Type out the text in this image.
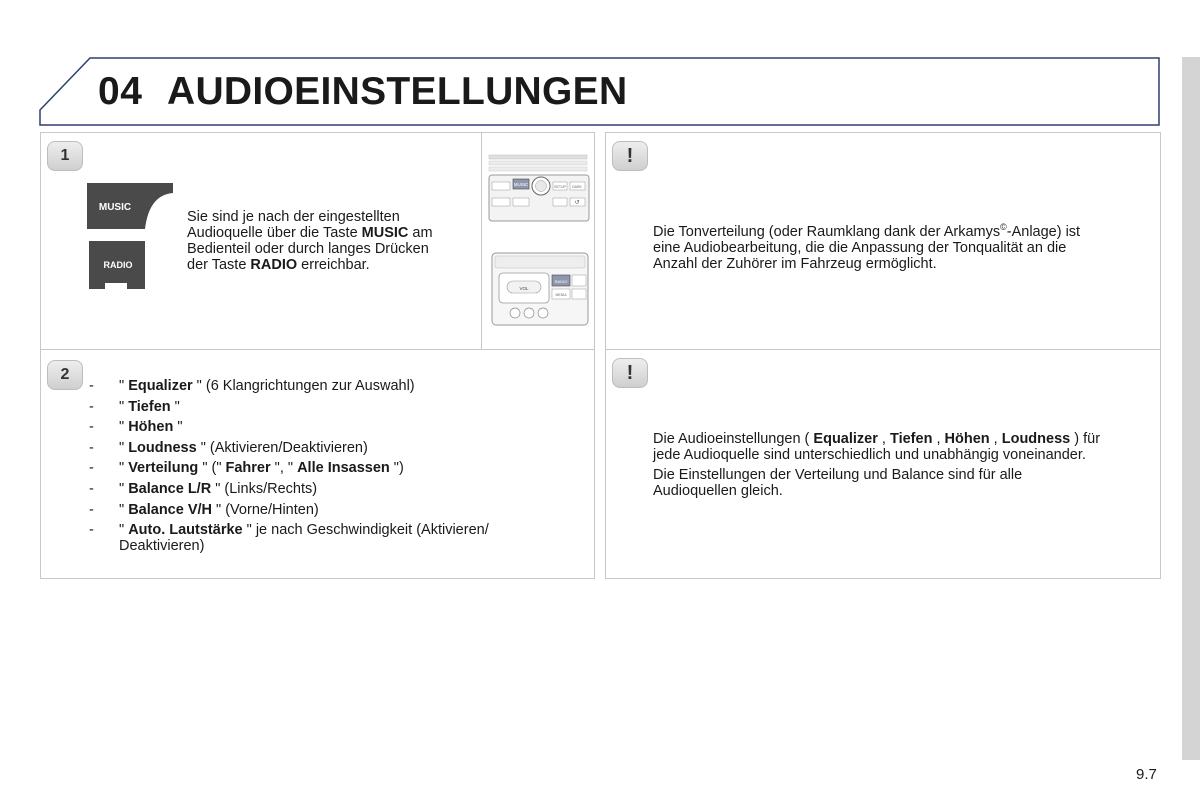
04 AUDIOEINSTELLUNGEN
1
MUSIC
RADIO
Sie sind je nach der eingestellten
Audioquelle über die Taste MUSIC am
Bedienteil oder durch langes Drücken
der Taste RADIO erreichbar.
MUSIC	SETUP DARK
↺
VOL
RADIO
MEDIA
2
- " Equalizer " (6 Klangrichtungen zur Auswahl)
- " Tiefen "
- " Höhen "
- " Loudness " (Aktivieren/Deaktivieren)
- " Verteilung " (" Fahrer ", " Alle Insassen ")
- " Balance L/R " (Links/Rechts)
- " Balance V/H " (Vorne/Hinten)
- " Auto. Lautstärke " je nach Geschwindigkeit (Aktivieren/ Deaktivieren)
!
Die Tonverteilung (oder Raumklang dank der Arkamys©-Anlage) ist
eine Audiobearbeitung, die die Anpassung der Tonqualität an die
Anzahl der Zuhörer im Fahrzeug ermöglicht.
!
Die Audioeinstellungen ( Equalizer , Tiefen , Höhen , Loudness ) für
jede Audioquelle sind unterschiedlich und unabhängig voneinander.
Die Einstellungen der Verteilung und Balance sind für alle
Audioquellen gleich.
9.7
